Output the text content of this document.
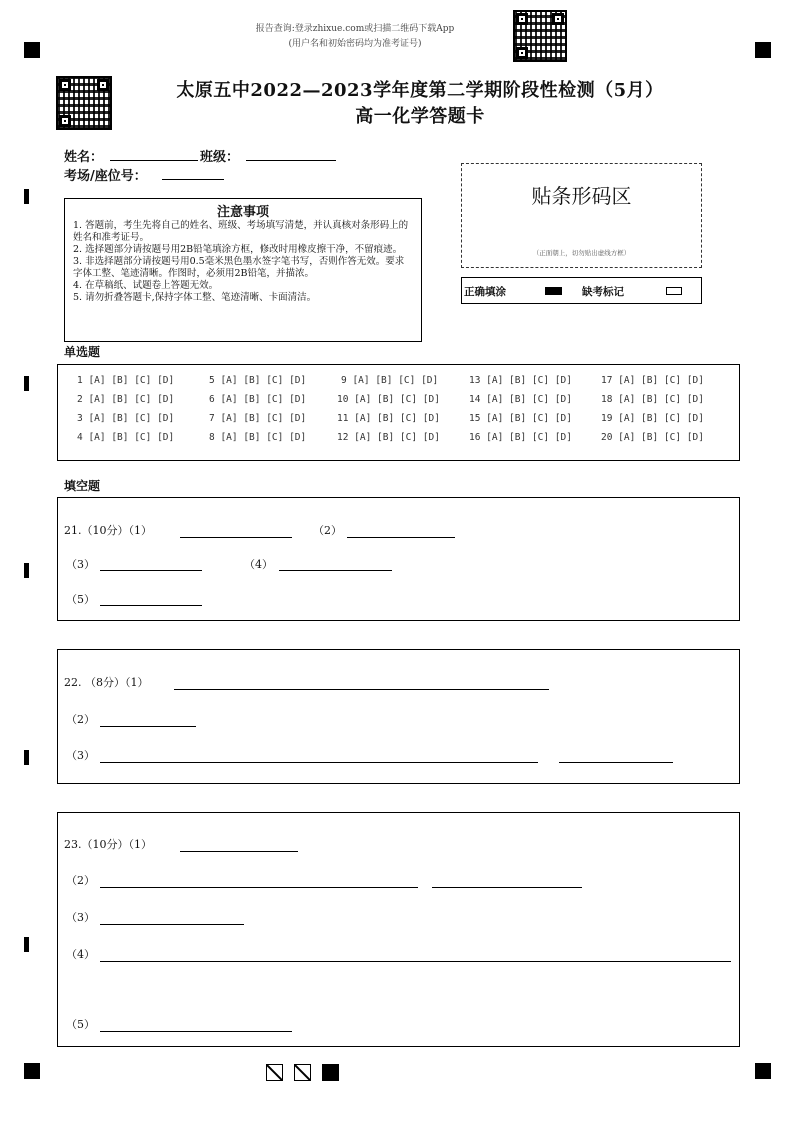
报告查询:登录zhixue.com或扫描二维码下载App
(用户名和初始密码均为准考证号)
太原五中2022—2023学年度第二学期阶段性检测（5月）
高一化学答题卡
姓名：	班级：
考场/座位号：
注意事项
1. 答题前，考生先将自己的姓名、班级、考场填写清楚，并认真核对条形码上的姓名和准考证号。
2. 选择题部分请按题号用2B铅笔填涂方框，修改时用橡皮擦干净，不留痕迹。
3. 非选择题部分请按题号用0.5毫米黑色墨水签字笔书写，否则作答无效。要求字体工整、笔迹清晰。作图时，必须用2B铅笔，并描浓。
4. 在草稿纸、试题卷上答题无效。
5. 请勿折叠答题卡,保持字体工整、笔迹清晰、卡面清洁。
贴条形码区
（正面朝上，切勿贴出虚线方框）
正确填涂	缺考标记
单选题
1 [A] [B] [C] [D]	5 [A] [B] [C] [D]	9 [A] [B] [C] [D]	13 [A] [B] [C] [D]	17 [A] [B] [C] [D]
2 [A] [B] [C] [D]	6 [A] [B] [C] [D]	10 [A] [B] [C] [D]	14 [A] [B] [C] [D]	18 [A] [B] [C] [D]
3 [A] [B] [C] [D]	7 [A] [B] [C] [D]	11 [A] [B] [C] [D]	15 [A] [B] [C] [D]	19 [A] [B] [C] [D]
4 [A] [B] [C] [D]	8 [A] [B] [C] [D]	12 [A] [B] [C] [D]	16 [A] [B] [C] [D]	20 [A] [B] [C] [D]
填空题
21.（10分）（1）	（2）
（3）	（4）
（5）
22. （8分）（1）
（2）
（3）
23.（10分）（1）
（2）
（3）
（4）
（5）
